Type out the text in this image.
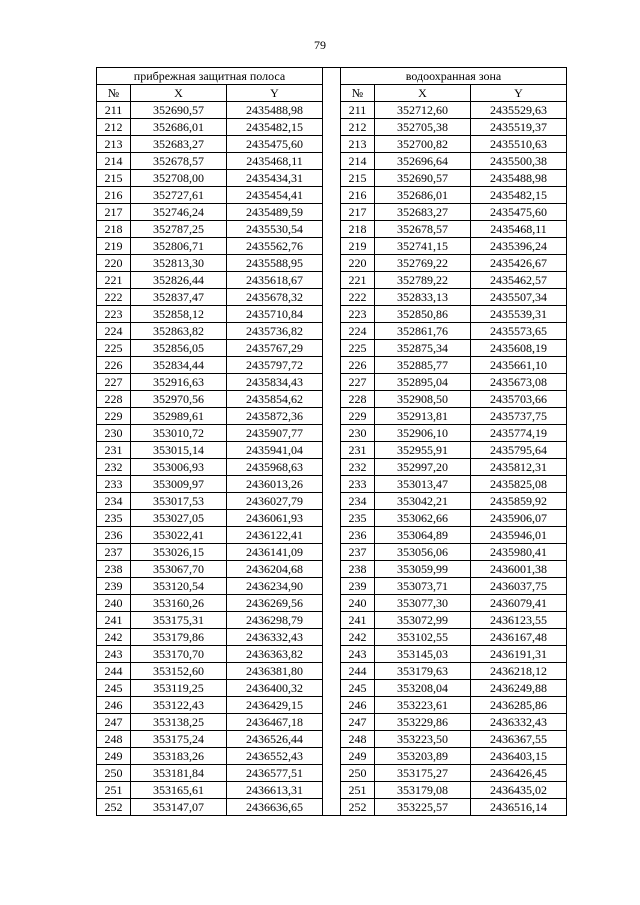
79
прибрежная защитная полоса				водоохранная зона		
№	X	Y		№	X	Y
211	352690,57	2435488,98		211	352712,60	2435529,63
212	352686,01	2435482,15		212	352705,38	2435519,37
213	352683,27	2435475,60		213	352700,82	2435510,63
214	352678,57	2435468,11		214	352696,64	2435500,38
215	352708,00	2435434,31		215	352690,57	2435488,98
216	352727,61	2435454,41		216	352686,01	2435482,15
217	352746,24	2435489,59		217	352683,27	2435475,60
218	352787,25	2435530,54		218	352678,57	2435468,11
219	352806,71	2435562,76		219	352741,15	2435396,24
220	352813,30	2435588,95		220	352769,22	2435426,67
221	352826,44	2435618,67		221	352789,22	2435462,57
222	352837,47	2435678,32		222	352833,13	2435507,34
223	352858,12	2435710,84		223	352850,86	2435539,31
224	352863,82	2435736,82		224	352861,76	2435573,65
225	352856,05	2435767,29		225	352875,34	2435608,19
226	352834,44	2435797,72		226	352885,77	2435661,10
227	352916,63	2435834,43		227	352895,04	2435673,08
228	352970,56	2435854,62		228	352908,50	2435703,66
229	352989,61	2435872,36		229	352913,81	2435737,75
230	353010,72	2435907,77		230	352906,10	2435774,19
231	353015,14	2435941,04		231	352955,91	2435795,64
232	353006,93	2435968,63		232	352997,20	2435812,31
233	353009,97	2436013,26		233	353013,47	2435825,08
234	353017,53	2436027,79		234	353042,21	2435859,92
235	353027,05	2436061,93		235	353062,66	2435906,07
236	353022,41	2436122,41		236	353064,89	2435946,01
237	353026,15	2436141,09		237	353056,06	2435980,41
238	353067,70	2436204,68		238	353059,99	2436001,38
239	353120,54	2436234,90		239	353073,71	2436037,75
240	353160,26	2436269,56		240	353077,30	2436079,41
241	353175,31	2436298,79		241	353072,99	2436123,55
242	353179,86	2436332,43		242	353102,55	2436167,48
243	353170,70	2436363,82		243	353145,03	2436191,31
244	353152,60	2436381,80		244	353179,63	2436218,12
245	353119,25	2436400,32		245	353208,04	2436249,88
246	353122,43	2436429,15		246	353223,61	2436285,86
247	353138,25	2436467,18		247	353229,86	2436332,43
248	353175,24	2436526,44		248	353223,50	2436367,55
249	353183,26	2436552,43		249	353203,89	2436403,15
250	353181,84	2436577,51		250	353175,27	2436426,45
251	353165,61	2436613,31		251	353179,08	2436435,02
252	353147,07	2436636,65		252	353225,57	2436516,14
